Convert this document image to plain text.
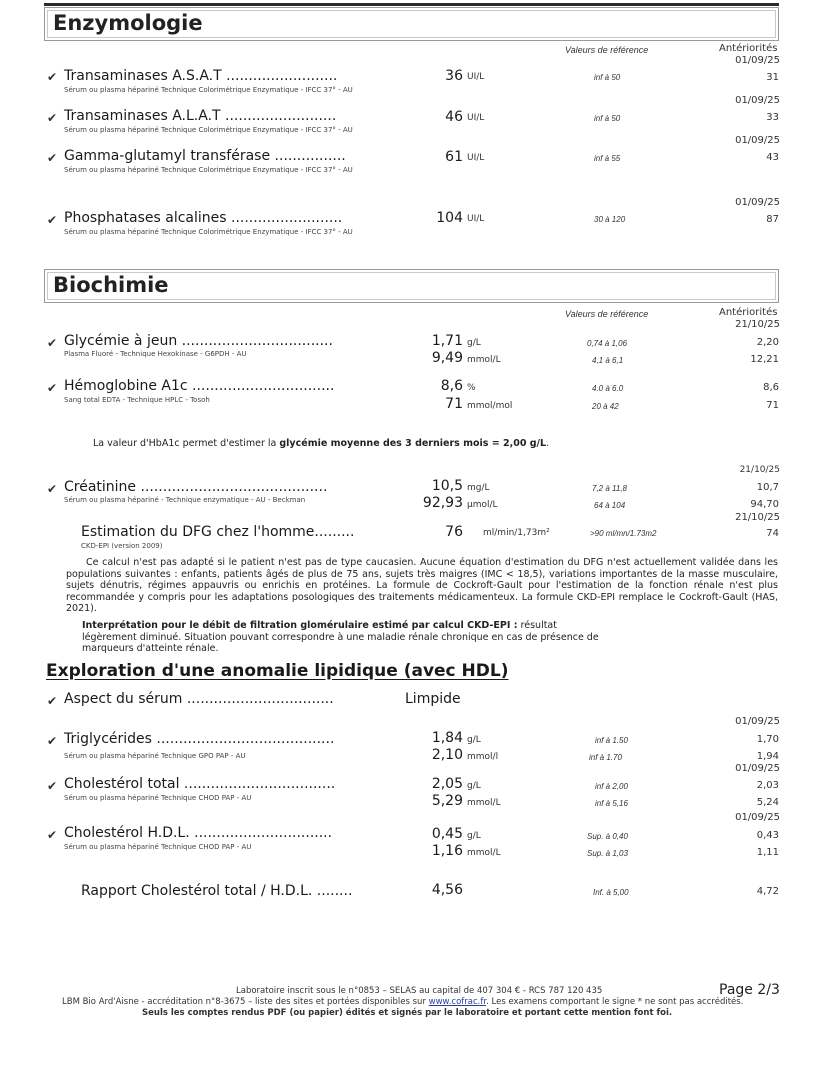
Enzymologie
Valeurs de référence	Antériorités
01/09/25
✔ Transaminases A.S.A.T .........................
Sérum ou plasma hépariné Technique Colorimétrique Enzymatique - IFCC 37° - AU
36 UI/L	inf à 50	31
01/09/25
✔ Transaminases A.L.A.T .........................
Sérum ou plasma hépariné Technique Colorimétrique Enzymatique - IFCC 37° - AU
46 UI/L	inf à 50	33
01/09/25
✔ Gamma-glutamyl transférase ................
Sérum ou plasma hépariné Technique Colorimétrique Enzymatique - IFCC 37° - AU
61 UI/L	inf à 55	43
01/09/25
✔ Phosphatases alcalines .........................
Sérum ou plasma hépariné Technique Colorimétrique Enzymatique - IFCC 37° - AU
104 UI/L	30 à 120	87
Biochimie
Valeurs de référence	Antériorités
21/10/25
✔ Glycémie à jeun ..................................
Plasma Fluoré - Technique Hexokinase - G6PDH - AU
1,71 g/L	0,74 à 1,06	2,20
9,49 mmol/L	4,1 à 6,1	12,21
✔ Hémoglobine A1c ................................
Sang total EDTA - Technique HPLC - Tosoh
8,6 %	4.0 à 6.0	8,6
71 mmol/mol	20 à 42	71
La valeur d'HbA1c permet d'estimer la glycémie moyenne des 3 derniers mois = 2,00 g/L.
21/10/25
✔ Créatinine ..........................................
Sérum ou plasma hépariné - Technique enzymatique - AU - Beckman
10,5 mg/L	7,2 à 11,8	10,7
92,93 µmol/L	64 à 104	94,70
21/10/25
Estimation du DFG chez l'homme.........
CKD-EPI (version 2009)
76 ml/min/1,73m²	>90 ml/mn/1.73m2	74
Ce calcul n'est pas adapté si le patient n'est pas de type caucasien. Aucune équation d'estimation du DFG n'est actuellement validée dans les populations suivantes : enfants, patients âgés de plus de 75 ans, sujets très maigres (IMC < 18,5), variations importantes de la masse musculaire, sujets dénutris, régimes appauvris ou enrichis en protéines. La formule de Cockroft-Gault pour l'estimation de la fonction rénale n'est plus recommandée y compris pour les adaptations posologiques des traitements médicamenteux. La formule CKD-EPI remplace le Cockroft-Gault (HAS, 2021).
Interprétation pour le débit de filtration glomérulaire estimé par calcul CKD-EPI : résultat légèrement diminué. Situation pouvant correspondre à une maladie rénale chronique en cas de présence de marqueurs d'atteinte rénale.
Exploration d'une anomalie lipidique (avec HDL)
✔ Aspect du sérum .................................	Limpide
01/09/25
✔ Triglycérides ........................................
Sérum ou plasma hépariné Technique GPO PAP - AU
1,84 g/L	inf à 1.50	1,70
2,10 mmol/l	inf à 1.70	1,94
01/09/25
✔ Cholestérol total ..................................
Sérum ou plasma hépariné Technique CHOD PAP - AU
2,05 g/L	inf à 2,00	2,03
5,29 mmol/L	inf à 5,16	5,24
01/09/25
✔ Cholestérol H.D.L. ...............................
Sérum ou plasma hépariné Technique CHOD PAP - AU
0,45 g/L	Sup. à 0,40	0,43
1,16 mmol/L	Sup. à 1,03	1,11
Rapport Cholestérol total / H.D.L. ........	4,56	Inf. à 5,00	4,72
Laboratoire inscrit sous le n°0853 – SELAS au capital de 407 304 € - RCS 787 120 435	Page 2/3
LBM Bio Ard'Aisne - accréditation n°8-3675 – liste des sites et portées disponibles sur www.cofrac.fr. Les examens comportant le signe * ne sont pas accrédités.
Seuls les comptes rendus PDF (ou papier) édités et signés par le laboratoire et portant cette mention font foi.
